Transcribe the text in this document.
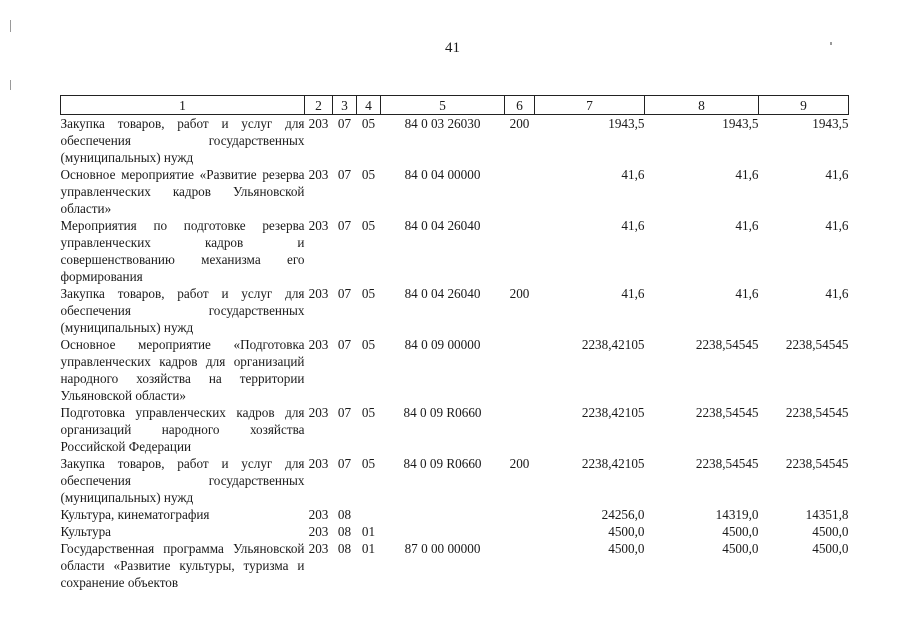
41
1	2	3	4	5	6	7	8	9
Закупка товаров, работ и услуг для обеспечения государственных (муниципальных) нужд	203	07	05	84 0 03 26030	200	1943,5	1943,5	1943,5
Основное мероприятие «Развитие резерва управленческих кадров Ульяновской области»	203	07	05	84 0 04 00000		41,6	41,6	41,6
Мероприятия по подготовке резерва управленческих кадров и совершенствованию механизма его формирования	203	07	05	84 0 04 26040		41,6	41,6	41,6
Закупка товаров, работ и услуг для обеспечения государственных (муниципальных) нужд	203	07	05	84 0 04 26040	200	41,6	41,6	41,6
Основное мероприятие «Подготовка управленческих кадров для организаций народного хозяйства на территории Ульяновской области»	203	07	05	84 0 09 00000		2238,42105	2238,54545	2238,54545
Подготовка управленческих кадров для организаций народного хозяйства Российской Федерации	203	07	05	84 0 09 R0660		2238,42105	2238,54545	2238,54545
Закупка товаров, работ и услуг для обеспечения государственных (муниципальных) нужд	203	07	05	84 0 09 R0660	200	2238,42105	2238,54545	2238,54545
Культура, кинематография	203	08				24256,0	14319,0	14351,8
Культура	203	08	01			4500,0	4500,0	4500,0
Государственная программа Ульяновской области «Развитие культуры, туризма и сохранение объектов	203	08	01	87 0 00 00000		4500,0	4500,0	4500,0
